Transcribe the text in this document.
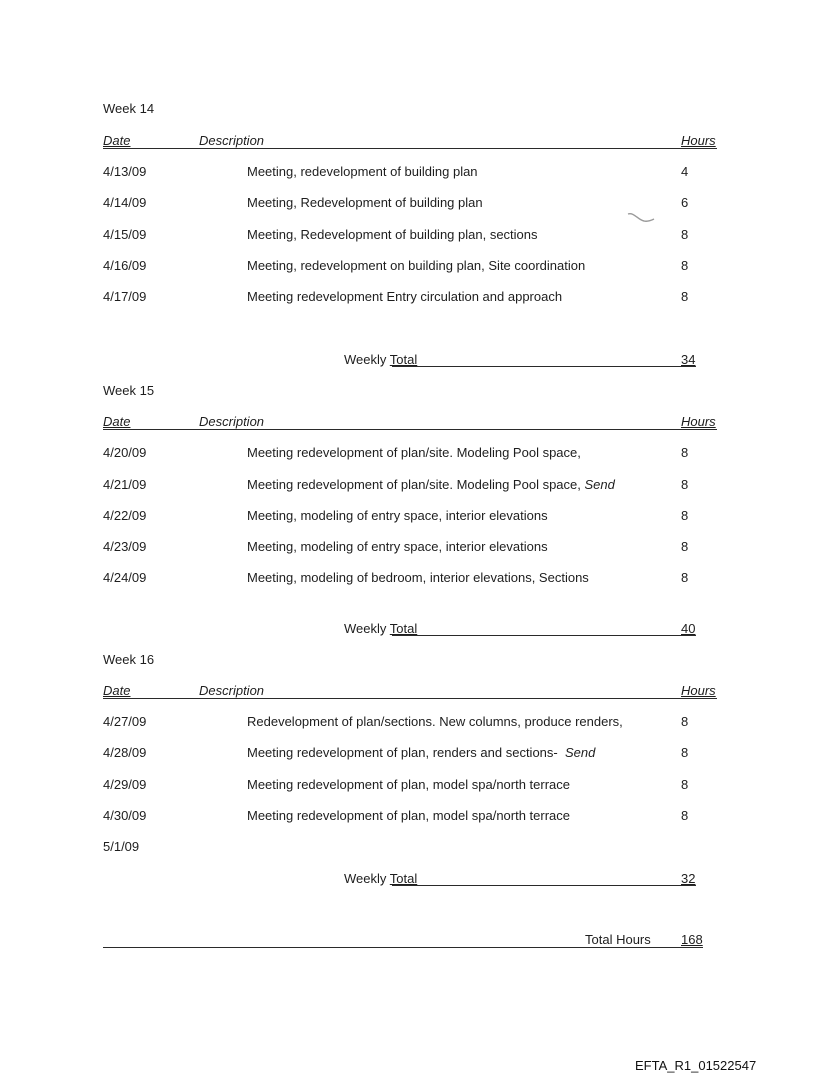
Week 14
Date	Description	Hours
4/13/09	Meeting, redevelopment of building plan	4
4/14/09	Meeting, Redevelopment of building plan	6
4/15/09	Meeting, Redevelopment of building plan, sections	8
4/16/09	Meeting, redevelopment on building plan, Site coordination	8
4/17/09	Meeting redevelopment Entry circulation and approach	8
Weekly Total	34
Week 15
Date	Description	Hours
4/20/09	Meeting redevelopment of plan/site. Modeling Pool space,	8
4/21/09	Meeting redevelopment of plan/site. Modeling Pool space, Send	8
4/22/09	Meeting, modeling of entry space, interior elevations	8
4/23/09	Meeting, modeling of entry space, interior elevations	8
4/24/09	Meeting, modeling of bedroom, interior elevations, Sections	8
Weekly Total	40
Week 16
Date	Description	Hours
4/27/09	Redevelopment of plan/sections. New columns, produce renders,	8
4/28/09	Meeting redevelopment of plan, renders and sections- Send	8
4/29/09	Meeting redevelopment of plan, model spa/north terrace	8
4/30/09	Meeting redevelopment of plan, model spa/north terrace	8
5/1/09
Weekly Total	32
Total Hours 168
EFTA_R1_01522547
